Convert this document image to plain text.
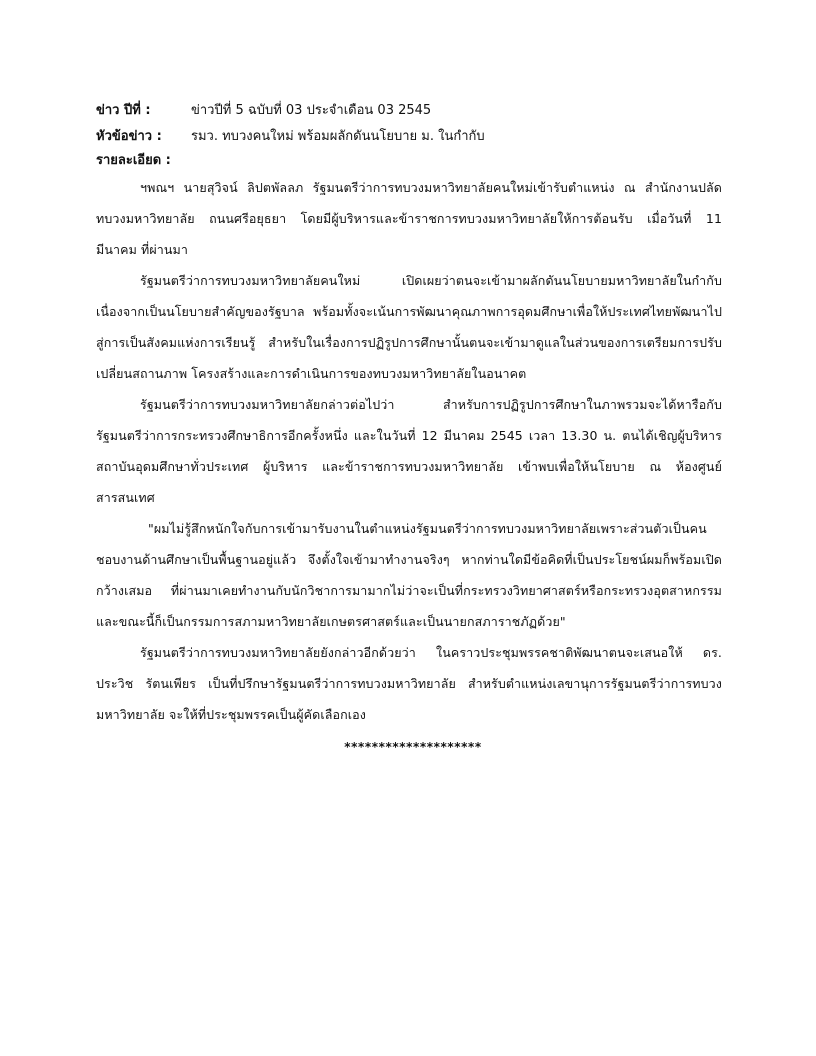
ข่าว ปีที่ :	ข่าวปีที่ 5 ฉบับที่ 03 ประจำเดือน 03 2545
หัวข้อข่าว :	รมว. ทบวงคนใหม่ พร้อมผลักดันนโยบาย ม. ในกำกับ
รายละเอียด :

ฯพณฯ นายสุวิจน์ ลิปตพัลลภ รัฐมนตรีว่าการทบวงมหาวิทยาลัยคนใหม่เข้ารับตำแหน่ง ณ สำนักงานปลัดทบวงมหาวิทยาลัย ถนนศรีอยุธยา โดยมีผู้บริหารและข้าราชการทบวงมหาวิทยาลัยให้การต้อนรับ เมื่อวันที่ 11 มีนาคม ที่ผ่านมา

รัฐมนตรีว่าการทบวงมหาวิทยาลัยคนใหม่ เปิดเผยว่าตนจะเข้ามาผลักดันนโยบายมหาวิทยาลัยในกำกับ เนื่องจากเป็นนโยบายสำคัญของรัฐบาล พร้อมทั้งจะเน้นการพัฒนาคุณภาพการอุดมศึกษาเพื่อให้ประเทศไทยพัฒนาไปสู่การเป็นสังคมแห่งการเรียนรู้ สำหรับในเรื่องการปฏิรูปการศึกษานั้นตนจะเข้ามาดูแลในส่วนของการเตรียมการปรับเปลี่ยนสถานภาพ โครงสร้างและการดำเนินการของทบวงมหาวิทยาลัยในอนาคต

รัฐมนตรีว่าการทบวงมหาวิทยาลัยกล่าวต่อไปว่า สำหรับการปฏิรูปการศึกษาในภาพรวมจะได้หารือกับรัฐมนตรีว่าการกระทรวงศึกษาธิการอีกครั้งหนึ่ง และในวันที่ 12 มีนาคม 2545 เวลา 13.30 น. ตนได้เชิญผู้บริหารสถาบันอุดมศึกษาทั่วประเทศ ผู้บริหาร และข้าราชการทบวงมหาวิทยาลัย เข้าพบเพื่อให้นโยบาย ณ ห้องศูนย์สารสนเทศ

"ผมไม่รู้สึกหนักใจกับการเข้ามารับงานในตำแหน่งรัฐมนตรีว่าการทบวงมหาวิทยาลัยเพราะส่วนตัวเป็นคนชอบงานด้านศึกษาเป็นพื้นฐานอยู่แล้ว จึงตั้งใจเข้ามาทำงานจริงๆ หากท่านใดมีข้อคิดที่เป็นประโยชน์ผมก็พร้อมเปิดกว้างเสมอ ที่ผ่านมาเคยทำงานกับนักวิชาการมามากไม่ว่าจะเป็นที่กระทรวงวิทยาศาสตร์หรือกระทรวงอุตสาหกรรม และขณะนี้ก็เป็นกรรมการสภามหาวิทยาลัยเกษตรศาสตร์และเป็นนายกสภาราชภัฏด้วย"

รัฐมนตรีว่าการทบวงมหาวิทยาลัยยังกล่าวอีกด้วยว่า ในคราวประชุมพรรคชาติพัฒนาตนจะเสนอให้ ดร. ประวิช รัตนเพียร เป็นที่ปรึกษารัฐมนตรีว่าการทบวงมหาวิทยาลัย สำหรับตำแหน่งเลขานุการรัฐมนตรีว่าการทบวงมหาวิทยาลัย จะให้ที่ประชุมพรรคเป็นผู้คัดเลือกเอง

********************
